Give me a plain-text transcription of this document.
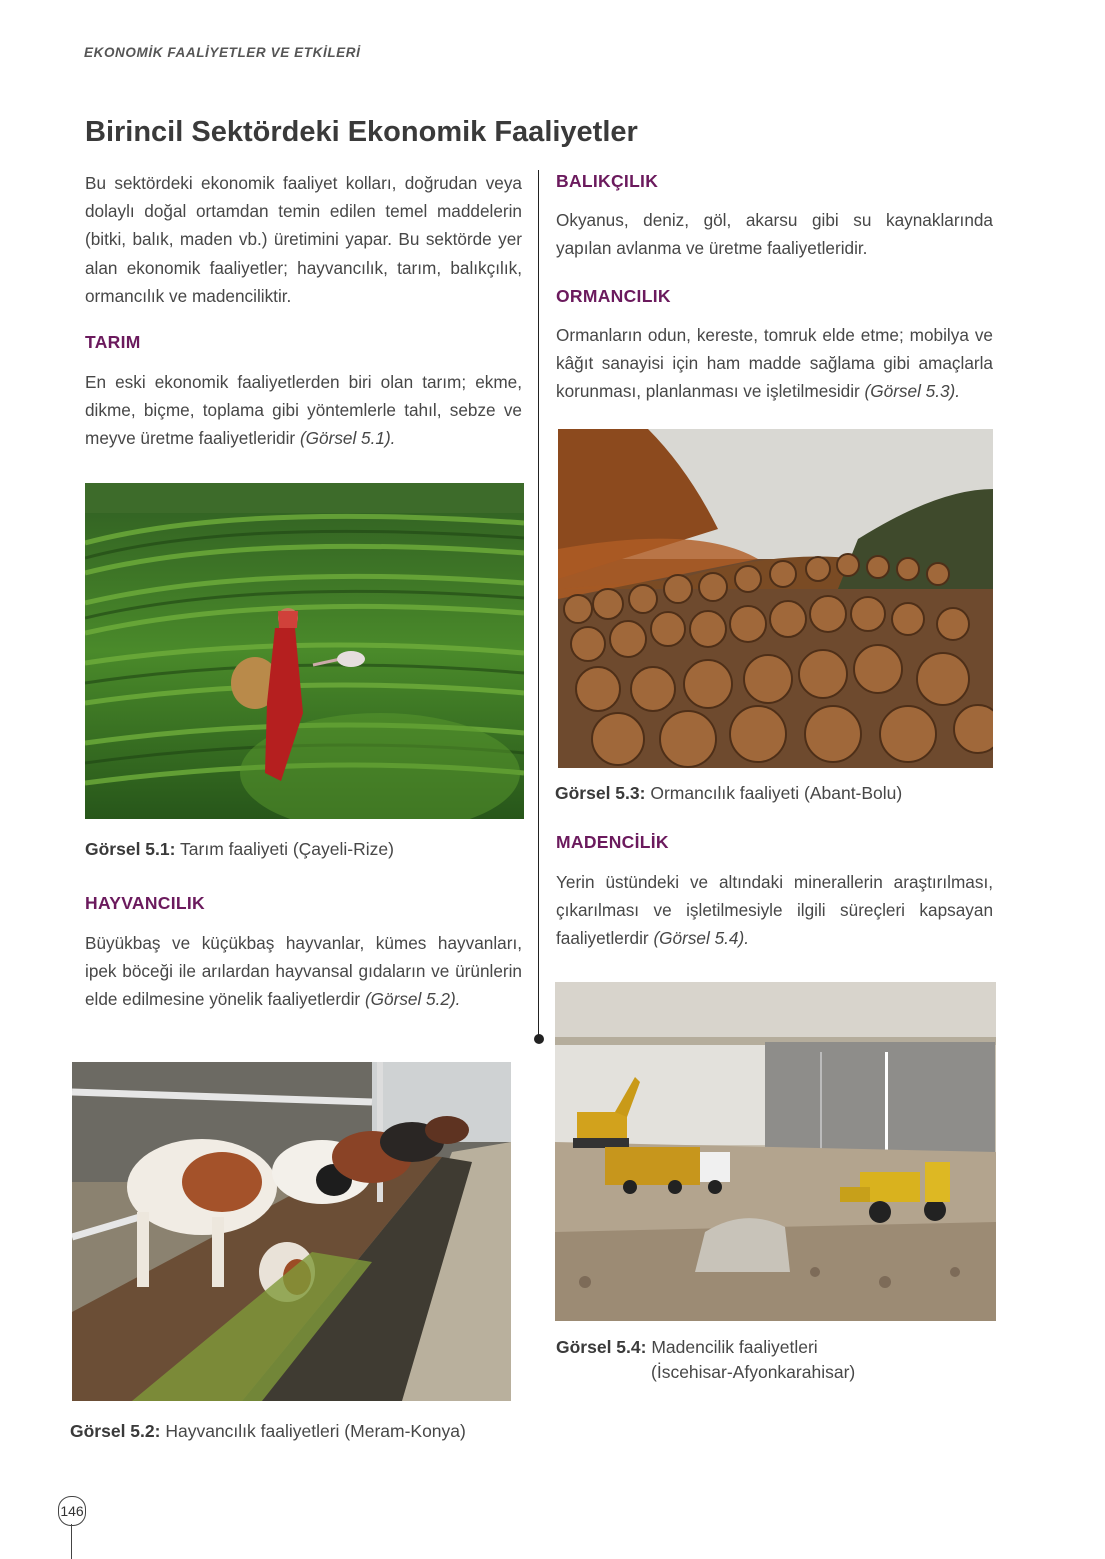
EKONOMİK FAALİYETLER VE ETKİLERİ
Birincil Sektördeki Ekonomik Faaliyetler
Bu sektördeki ekonomik faaliyet kolları, doğrudan veya dolaylı doğal ortamdan temin edilen temel maddelerin (bitki, balık, maden vb.) üretimini yapar. Bu sektörde yer alan ekonomik faaliyetler; hayvancılık, tarım, balıkçılık, ormancılık ve madenciliktir.
TARIM
En eski ekonomik faaliyetlerden biri olan tarım; ekme, dikme, biçme, toplama gibi yöntemlerle tahıl, sebze ve meyve üretme faaliyetleridir (Görsel 5.1).
Görsel 5.1: Tarım faaliyeti (Çayeli-Rize)
HAYVANCILIK
Büyükbaş ve küçükbaş hayvanlar, kümes hayvanları, ipek böceği ile arılardan hayvansal gıdaların ve ürünlerin elde edilmesine yönelik faaliyetlerdir (Görsel 5.2).
Görsel 5.2: Hayvancılık faaliyetleri (Meram-Konya)
BALIKÇILIK
Okyanus, deniz, göl, akarsu gibi su kaynaklarında yapılan avlanma ve üretme faaliyetleridir.
ORMANCILIK
Ormanların odun, kereste, tomruk elde etme; mobilya ve kâğıt sanayisi için ham madde sağlama gibi amaçlarla korunması, planlanması ve işletilmesidir (Görsel 5.3).
Görsel 5.3: Ormancılık faaliyeti (Abant-Bolu)
MADENCİLİK
Yerin üstündeki ve altındaki minerallerin araştırılması, çıkarılması ve işletilmesiyle ilgili süreçleri kapsayan faaliyetlerdir (Görsel 5.4).
Görsel 5.4: Madencilik faaliyetleri
(İscehisar-Afyonkarahisar)
146
